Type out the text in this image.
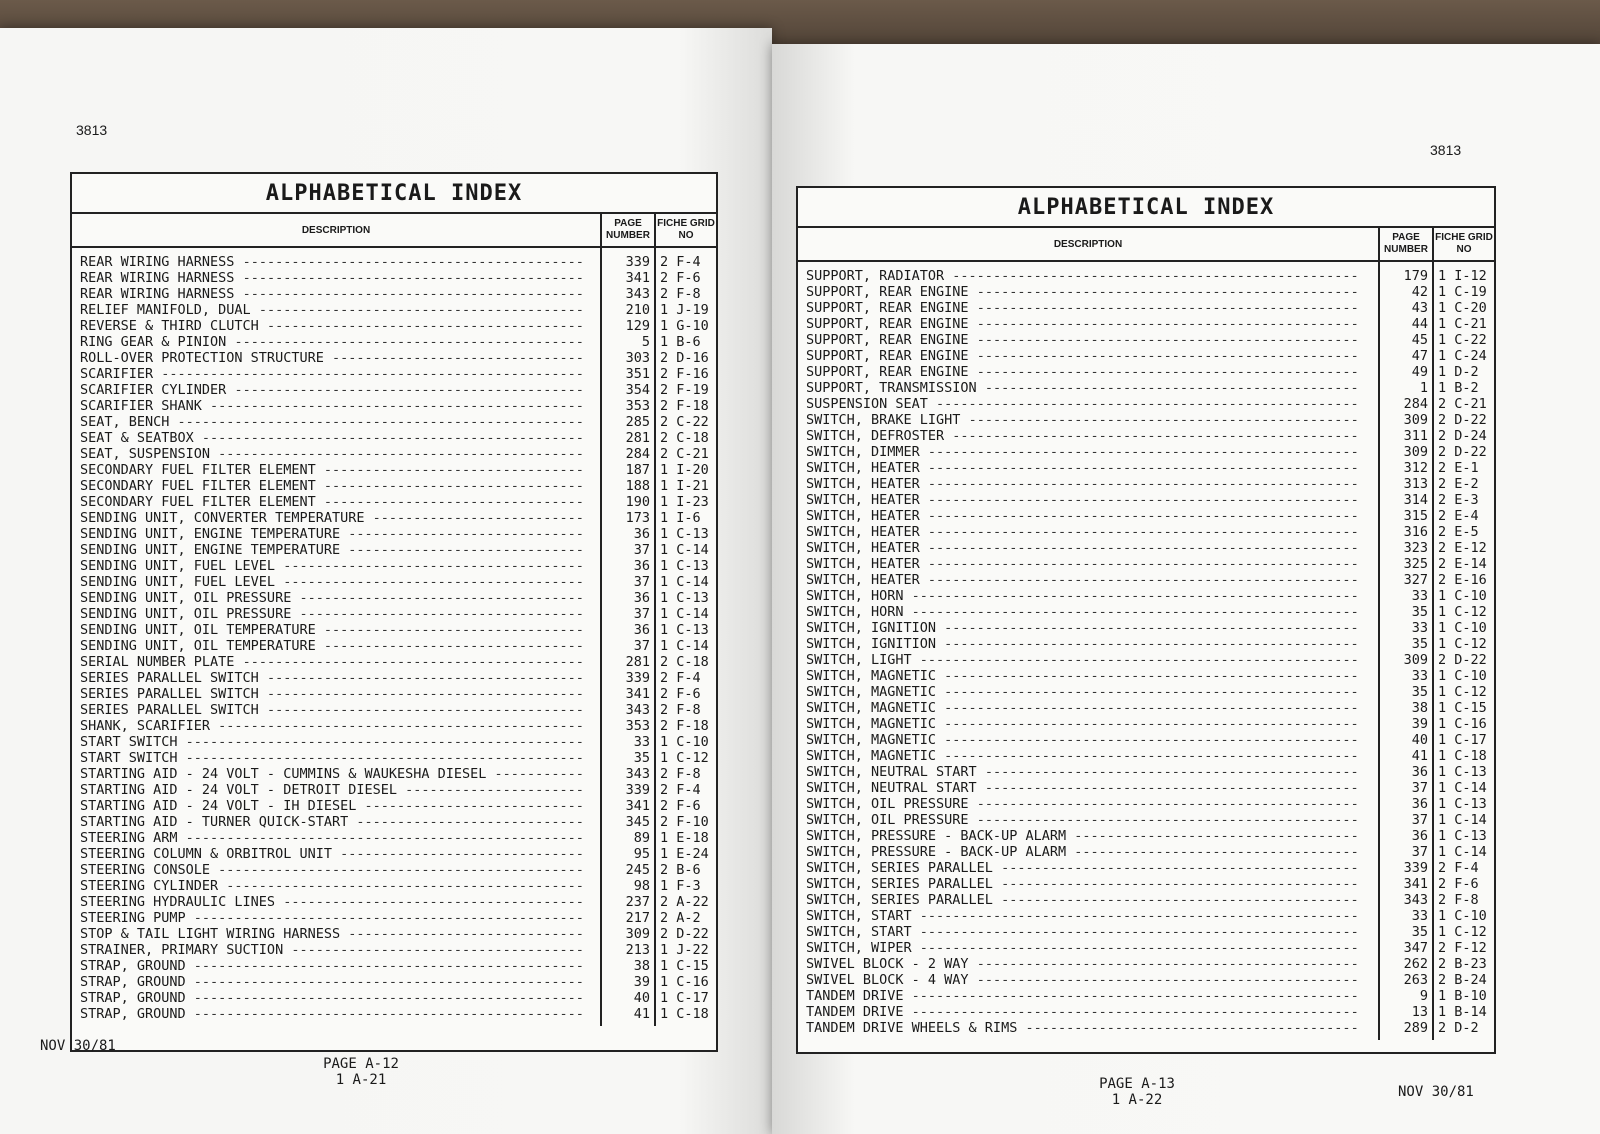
3813
ALPHABETICAL INDEX
DESCRIPTION
PAGE NUMBER
FICHE GRID NO
REAR WIRING HARNESS ------------------------------------------
REAR WIRING HARNESS ------------------------------------------
REAR WIRING HARNESS ------------------------------------------
RELIEF MANIFOLD, DUAL ----------------------------------------
REVERSE & THIRD CLUTCH ---------------------------------------
RING GEAR & PINION -------------------------------------------
ROLL-OVER PROTECTION STRUCTURE -------------------------------
SCARIFIER ----------------------------------------------------
SCARIFIER CYLINDER -------------------------------------------
SCARIFIER SHANK ----------------------------------------------
SEAT, BENCH --------------------------------------------------
SEAT & SEATBOX -----------------------------------------------
SEAT, SUSPENSION ---------------------------------------------
SECONDARY FUEL FILTER ELEMENT --------------------------------
SECONDARY FUEL FILTER ELEMENT --------------------------------
SECONDARY FUEL FILTER ELEMENT --------------------------------
SENDING UNIT, CONVERTER TEMPERATURE --------------------------
SENDING UNIT, ENGINE TEMPERATURE -----------------------------
SENDING UNIT, ENGINE TEMPERATURE -----------------------------
SENDING UNIT, FUEL LEVEL -------------------------------------
SENDING UNIT, FUEL LEVEL -------------------------------------
SENDING UNIT, OIL PRESSURE -----------------------------------
SENDING UNIT, OIL PRESSURE -----------------------------------
SENDING UNIT, OIL TEMPERATURE --------------------------------
SENDING UNIT, OIL TEMPERATURE --------------------------------
SERIAL NUMBER PLATE ------------------------------------------
SERIES PARALLEL SWITCH ---------------------------------------
SERIES PARALLEL SWITCH ---------------------------------------
SERIES PARALLEL SWITCH ---------------------------------------
SHANK, SCARIFIER ---------------------------------------------
START SWITCH -------------------------------------------------
START SWITCH -------------------------------------------------
STARTING AID - 24 VOLT - CUMMINS & WAUKESHA DIESEL -----------
STARTING AID - 24 VOLT - DETROIT DIESEL ----------------------
STARTING AID - 24 VOLT - IH DIESEL ---------------------------
STARTING AID - TURNER QUICK-START ----------------------------
STEERING ARM -------------------------------------------------
STEERING COLUMN & ORBITROL UNIT ------------------------------
STEERING CONSOLE ---------------------------------------------
STEERING CYLINDER --------------------------------------------
STEERING HYDRAULIC LINES -------------------------------------
STEERING PUMP ------------------------------------------------
STOP & TAIL LIGHT WIRING HARNESS -----------------------------
STRAINER, PRIMARY SUCTION ------------------------------------
STRAP, GROUND ------------------------------------------------
STRAP, GROUND ------------------------------------------------
STRAP, GROUND ------------------------------------------------
STRAP, GROUND ------------------------------------------------
339
341
343
210
129
5
303
351
354
353
285
281
284
187
188
190
173
36
37
36
37
36
37
36
37
281
339
341
343
353
33
35
343
339
341
345
89
95
245
98
237
217
309
213
38
39
40
41
2 F-4
2 F-6
2 F-8
1 J-19
1 G-10
1 B-6
2 D-16
2 F-16
2 F-19
2 F-18
2 C-22
2 C-18
2 C-21
1 I-20
1 I-21
1 I-23
1 I-6
1 C-13
1 C-14
1 C-13
1 C-14
1 C-13
1 C-14
1 C-13
1 C-14
2 C-18
2 F-4
2 F-6
2 F-8
2 F-18
1 C-10
1 C-12
2 F-8
2 F-4
2 F-6
2 F-10
1 E-18
1 E-24
2 B-6
1 F-3
2 A-22
2 A-2
2 D-22
1 J-22
1 C-15
1 C-16
1 C-17
1 C-18
NOV 30/81
PAGE A-12
1 A-21
3813
ALPHABETICAL INDEX
DESCRIPTION
PAGE NUMBER
FICHE GRID NO
SUPPORT, RADIATOR --------------------------------------------------
SUPPORT, REAR ENGINE -----------------------------------------------
SUPPORT, REAR ENGINE -----------------------------------------------
SUPPORT, REAR ENGINE -----------------------------------------------
SUPPORT, REAR ENGINE -----------------------------------------------
SUPPORT, REAR ENGINE -----------------------------------------------
SUPPORT, REAR ENGINE -----------------------------------------------
SUPPORT, TRANSMISSION ----------------------------------------------
SUSPENSION SEAT ----------------------------------------------------
SWITCH, BRAKE LIGHT ------------------------------------------------
SWITCH, DEFROSTER --------------------------------------------------
SWITCH, DIMMER -----------------------------------------------------
SWITCH, HEATER -----------------------------------------------------
SWITCH, HEATER -----------------------------------------------------
SWITCH, HEATER -----------------------------------------------------
SWITCH, HEATER -----------------------------------------------------
SWITCH, HEATER -----------------------------------------------------
SWITCH, HEATER -----------------------------------------------------
SWITCH, HEATER -----------------------------------------------------
SWITCH, HEATER -----------------------------------------------------
SWITCH, HORN -------------------------------------------------------
SWITCH, HORN -------------------------------------------------------
SWITCH, IGNITION ---------------------------------------------------
SWITCH, IGNITION ---------------------------------------------------
SWITCH, LIGHT ------------------------------------------------------
SWITCH, MAGNETIC ---------------------------------------------------
SWITCH, MAGNETIC ---------------------------------------------------
SWITCH, MAGNETIC ---------------------------------------------------
SWITCH, MAGNETIC ---------------------------------------------------
SWITCH, MAGNETIC ---------------------------------------------------
SWITCH, MAGNETIC ---------------------------------------------------
SWITCH, NEUTRAL START ----------------------------------------------
SWITCH, NEUTRAL START ----------------------------------------------
SWITCH, OIL PRESSURE -----------------------------------------------
SWITCH, OIL PRESSURE -----------------------------------------------
SWITCH, PRESSURE - BACK-UP ALARM -----------------------------------
SWITCH, PRESSURE - BACK-UP ALARM -----------------------------------
SWITCH, SERIES PARALLEL --------------------------------------------
SWITCH, SERIES PARALLEL --------------------------------------------
SWITCH, SERIES PARALLEL --------------------------------------------
SWITCH, START ------------------------------------------------------
SWITCH, START ------------------------------------------------------
SWITCH, WIPER ------------------------------------------------------
SWIVEL BLOCK - 2 WAY -----------------------------------------------
SWIVEL BLOCK - 4 WAY -----------------------------------------------
TANDEM DRIVE -------------------------------------------------------
TANDEM DRIVE -------------------------------------------------------
TANDEM DRIVE WHEELS & RIMS -----------------------------------------
179
42
43
44
45
47
49
1
284
309
311
309
312
313
314
315
316
323
325
327
33
35
33
35
309
33
35
38
39
40
41
36
37
36
37
36
37
339
341
343
33
35
347
262
263
9
13
289
1 I-12
1 C-19
1 C-20
1 C-21
1 C-22
1 C-24
1 D-2
1 B-2
2 C-21
2 D-22
2 D-24
2 D-22
2 E-1
2 E-2
2 E-3
2 E-4
2 E-5
2 E-12
2 E-14
2 E-16
1 C-10
1 C-12
1 C-10
1 C-12
2 D-22
1 C-10
1 C-12
1 C-15
1 C-16
1 C-17
1 C-18
1 C-13
1 C-14
1 C-13
1 C-14
1 C-13
1 C-14
2 F-4
2 F-6
2 F-8
1 C-10
1 C-12
2 F-12
2 B-23
2 B-24
1 B-10
1 B-14
2 D-2
PAGE A-13
1 A-22	NOV 30/81
